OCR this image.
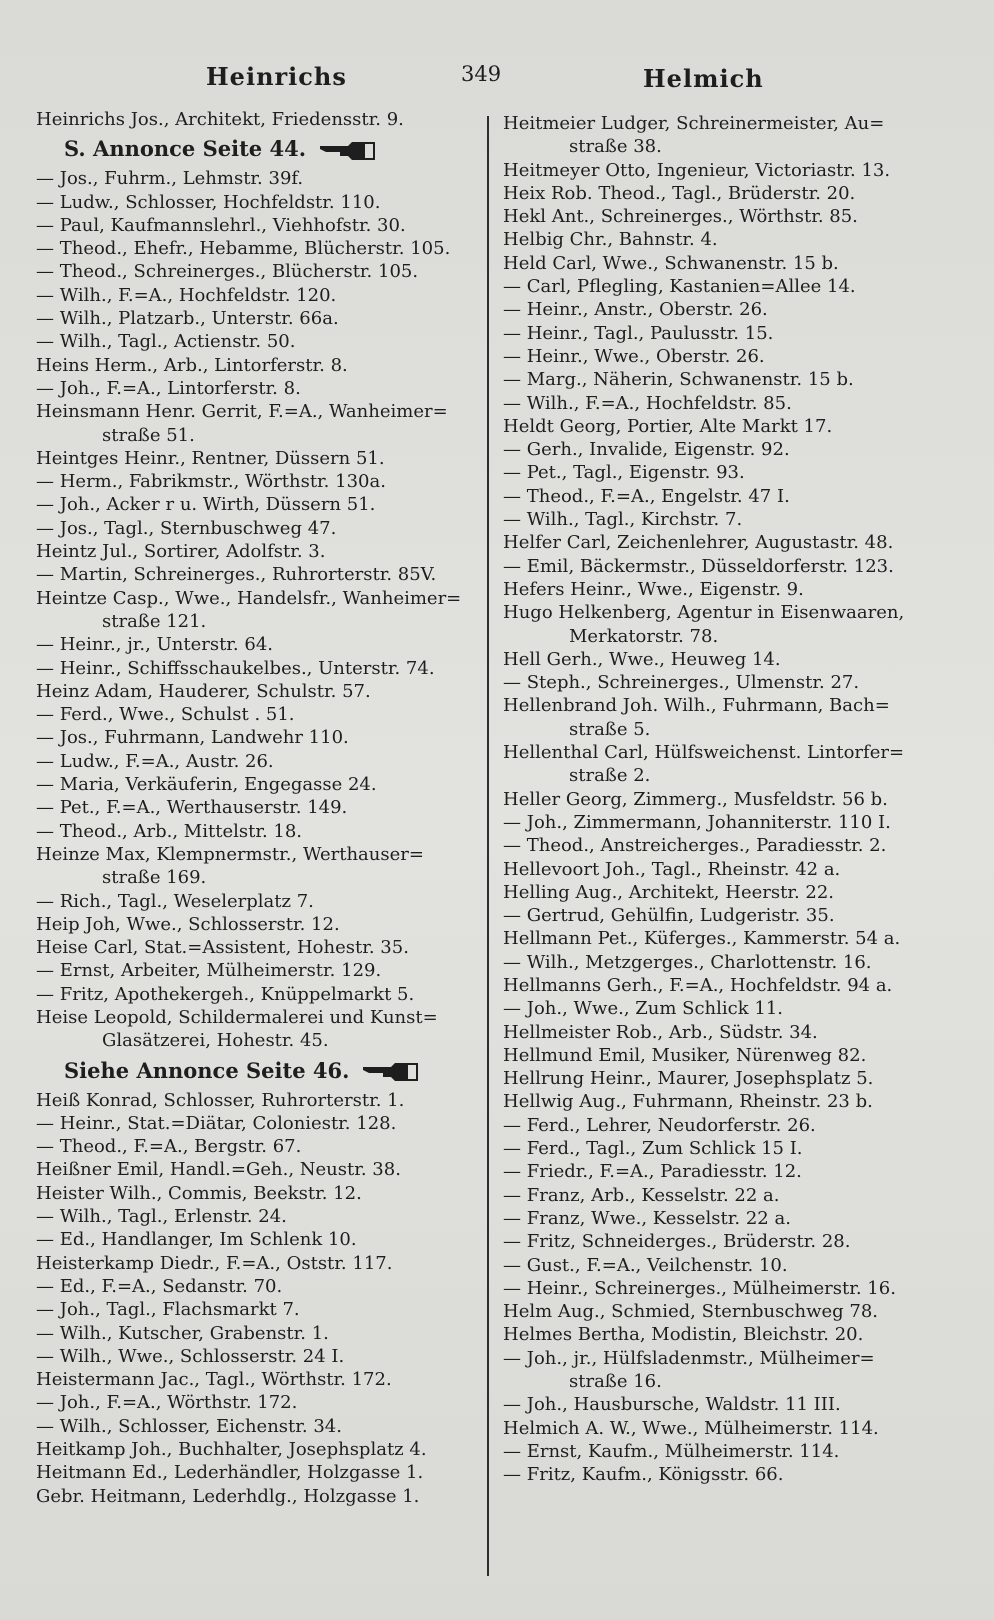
Heinrichs	349	Helmich
Heinrichs Jos., Architekt, Friedensstr. 9.
S. Annonce Seite 44.
— Jos., Fuhrm., Lehmstr. 39f.
— Ludw., Schlosser, Hochfeldstr. 110.
— Paul, Kaufmannslehrl., Viehhofstr. 30.
— Theod., Ehefr., Hebamme, Blücherstr. 105.
— Theod., Schreinerges., Blücherstr. 105.
— Wilh., F.=A., Hochfeldstr. 120.
— Wilh., Platzarb., Unterstr. 66a.
— Wilh., Tagl., Actienstr. 50.
Heins Herm., Arb., Lintorferstr. 8.
— Joh., F.=A., Lintorferstr. 8.
Heinsmann Henr. Gerrit, F.=A., Wanheimer=
straße 51.
Heintges Heinr., Rentner, Düssern 51.
— Herm., Fabrikmstr., Wörthstr. 130a.
— Joh., Acker r u. Wirth, Düssern 51.
— Jos., Tagl., Sternbuschweg 47.
Heintz Jul., Sortirer, Adolfstr. 3.
— Martin, Schreinerges., Ruhrorterstr. 85V.
Heintze Casp., Wwe., Handelsfr., Wanheimer=
straße 121.
— Heinr., jr., Unterstr. 64.
— Heinr., Schiffsschaukelbes., Unterstr. 74.
Heinz Adam, Hauderer, Schulstr. 57.
— Ferd., Wwe., Schulst . 51.
— Jos., Fuhrmann, Landwehr 110.
— Ludw., F.=A., Austr. 26.
— Maria, Verkäuferin, Engegasse 24.
— Pet., F.=A., Werthauserstr. 149.
— Theod., Arb., Mittelstr. 18.
Heinze Max, Klempnermstr., Werthauser=
straße 169.
— Rich., Tagl., Weselerplatz 7.
Heip Joh, Wwe., Schlosserstr. 12.
Heise Carl, Stat.=Assistent, Hohestr. 35.
— Ernst, Arbeiter, Mülheimerstr. 129.
— Fritz, Apothekergeh., Knüppelmarkt 5.
Heise Leopold, Schildermalerei und Kunst=
Glasätzerei, Hohestr. 45.
Siehe Annonce Seite 46.
Heiß Konrad, Schlosser, Ruhrorterstr. 1.
— Heinr., Stat.=Diätar, Coloniestr. 128.
— Theod., F.=A., Bergstr. 67.
Heißner Emil, Handl.=Geh., Neustr. 38.
Heister Wilh., Commis, Beekstr. 12.
— Wilh., Tagl., Erlenstr. 24.
— Ed., Handlanger, Im Schlenk 10.
Heisterkamp Diedr., F.=A., Oststr. 117.
— Ed., F.=A., Sedanstr. 70.
— Joh., Tagl., Flachsmarkt 7.
— Wilh., Kutscher, Grabenstr. 1.
— Wilh., Wwe., Schlosserstr. 24 I.
Heistermann Jac., Tagl., Wörthstr. 172.
— Joh., F.=A., Wörthstr. 172.
— Wilh., Schlosser, Eichenstr. 34.
Heitkamp Joh., Buchhalter, Josephsplatz 4.
Heitmann Ed., Lederhändler, Holzgasse 1.
Gebr. Heitmann, Lederhdlg., Holzgasse 1.
Heitmeier Ludger, Schreinermeister, Au=
straße 38.
Heitmeyer Otto, Ingenieur, Victoriastr. 13.
Heix Rob. Theod., Tagl., Brüderstr. 20.
Hekl Ant., Schreinerges., Wörthstr. 85.
Helbig Chr., Bahnstr. 4.
Held Carl, Wwe., Schwanenstr. 15 b.
— Carl, Pflegling, Kastanien=Allee 14.
— Heinr., Anstr., Oberstr. 26.
— Heinr., Tagl., Paulusstr. 15.
— Heinr., Wwe., Oberstr. 26.
— Marg., Näherin, Schwanenstr. 15 b.
— Wilh., F.=A., Hochfeldstr. 85.
Heldt Georg, Portier, Alte Markt 17.
— Gerh., Invalide, Eigenstr. 92.
— Pet., Tagl., Eigenstr. 93.
— Theod., F.=A., Engelstr. 47 I.
— Wilh., Tagl., Kirchstr. 7.
Helfer Carl, Zeichenlehrer, Augustastr. 48.
— Emil, Bäckermstr., Düsseldorferstr. 123.
Hefers Heinr., Wwe., Eigenstr. 9.
Hugo Helkenberg, Agentur in Eisenwaaren,
Merkatorstr. 78.
Hell Gerh., Wwe., Heuweg 14.
— Steph., Schreinerges., Ulmenstr. 27.
Hellenbrand Joh. Wilh., Fuhrmann, Bach=
straße 5.
Hellenthal Carl, Hülfsweichenst. Lintorfer=
straße 2.
Heller Georg, Zimmerg., Musfeldstr. 56 b.
— Joh., Zimmermann, Johanniterstr. 110 I.
— Theod., Anstreicherges., Paradiesstr. 2.
Hellevoort Joh., Tagl., Rheinstr. 42 a.
Helling Aug., Architekt, Heerstr. 22.
— Gertrud, Gehülfin, Ludgeristr. 35.
Hellmann Pet., Küferges., Kammerstr. 54 a.
— Wilh., Metzgerges., Charlottenstr. 16.
Hellmanns Gerh., F.=A., Hochfeldstr. 94 a.
— Joh., Wwe., Zum Schlick 11.
Hellmeister Rob., Arb., Südstr. 34.
Hellmund Emil, Musiker, Nürenweg 82.
Hellrung Heinr., Maurer, Josephsplatz 5.
Hellwig Aug., Fuhrmann, Rheinstr. 23 b.
— Ferd., Lehrer, Neudorferstr. 26.
— Ferd., Tagl., Zum Schlick 15 I.
— Friedr., F.=A., Paradiesstr. 12.
— Franz, Arb., Kesselstr. 22 a.
— Franz, Wwe., Kesselstr. 22 a.
— Fritz, Schneiderges., Brüderstr. 28.
— Gust., F.=A., Veilchenstr. 10.
— Heinr., Schreinerges., Mülheimerstr. 16.
Helm Aug., Schmied, Sternbuschweg 78.
Helmes Bertha, Modistin, Bleichstr. 20.
— Joh., jr., Hülfsladenmstr., Mülheimer=
straße 16.
— Joh., Hausbursche, Waldstr. 11 III.
Helmich A. W., Wwe., Mülheimerstr. 114.
— Ernst, Kaufm., Mülheimerstr. 114.
— Fritz, Kaufm., Königsstr. 66.
